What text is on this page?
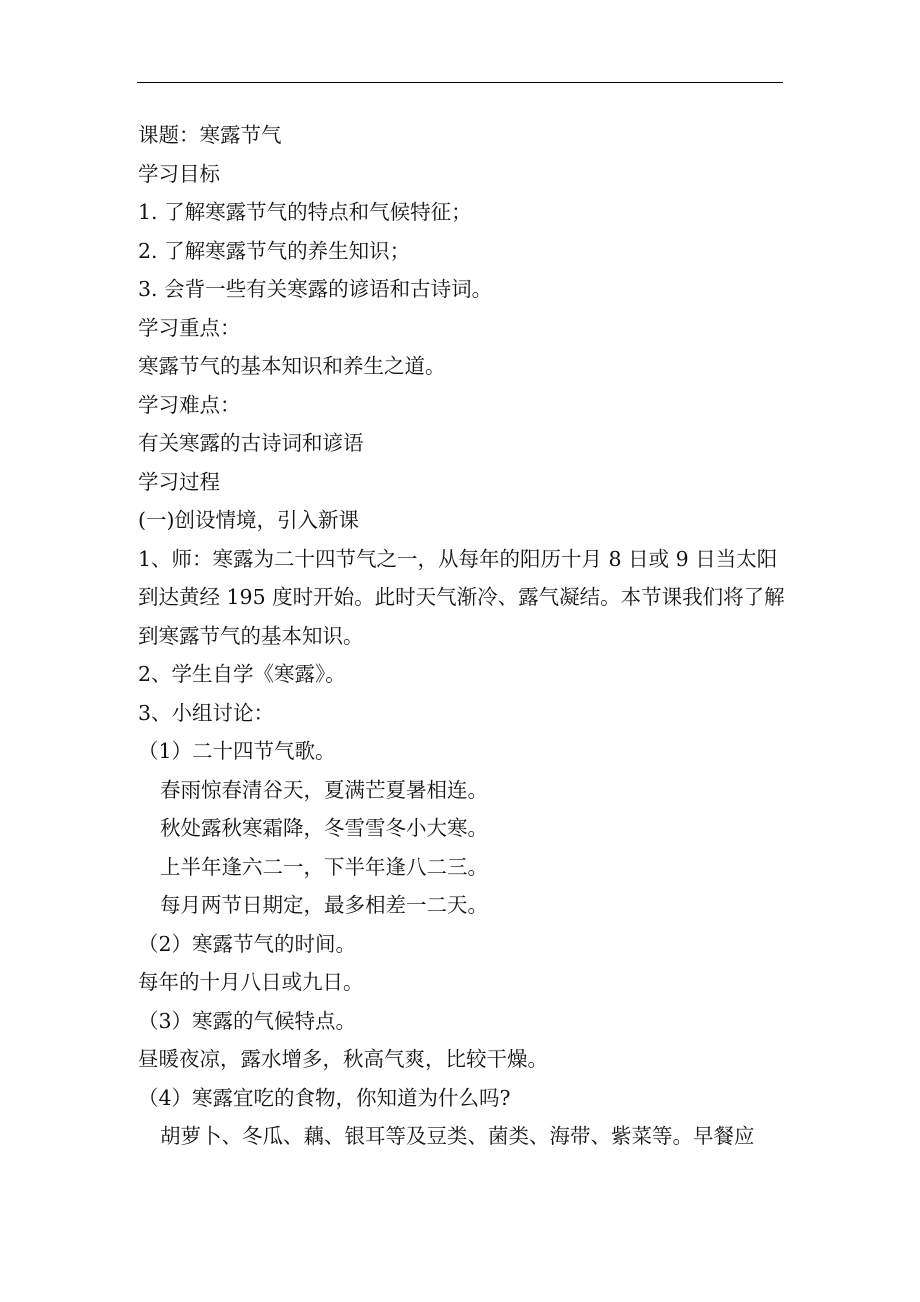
课题：寒露节气
学习目标
1. 了解寒露节气的特点和气候特征；
2. 了解寒露节气的养生知识；
3. 会背一些有关寒露的谚语和古诗词。
学习重点：
寒露节气的基本知识和养生之道。
学习难点：
有关寒露的古诗词和谚语
学习过程
(一)创设情境，引入新课
1、师：寒露为二十四节气之一，从每年的阳历十月 8 日或 9 日当太阳到达黄经 195 度时开始。此时天气渐冷、露气凝结。本节课我们将了解到寒露节气的基本知识。
2、学生自学《寒露》。
3、小组讨论：
（1）二十四节气歌。
春雨惊春清谷天，夏满芒夏暑相连。
秋处露秋寒霜降，冬雪雪冬小大寒。
上半年逢六二一，下半年逢八二三。
每月两节日期定，最多相差一二天。
（2）寒露节气的时间。
每年的十月八日或九日。
（3）寒露的气候特点。
昼暖夜凉，露水增多，秋高气爽，比较干燥。
（4）寒露宜吃的食物，你知道为什么吗?
胡萝卜、冬瓜、藕、银耳等及豆类、菌类、海带、紫菜等。早餐应
